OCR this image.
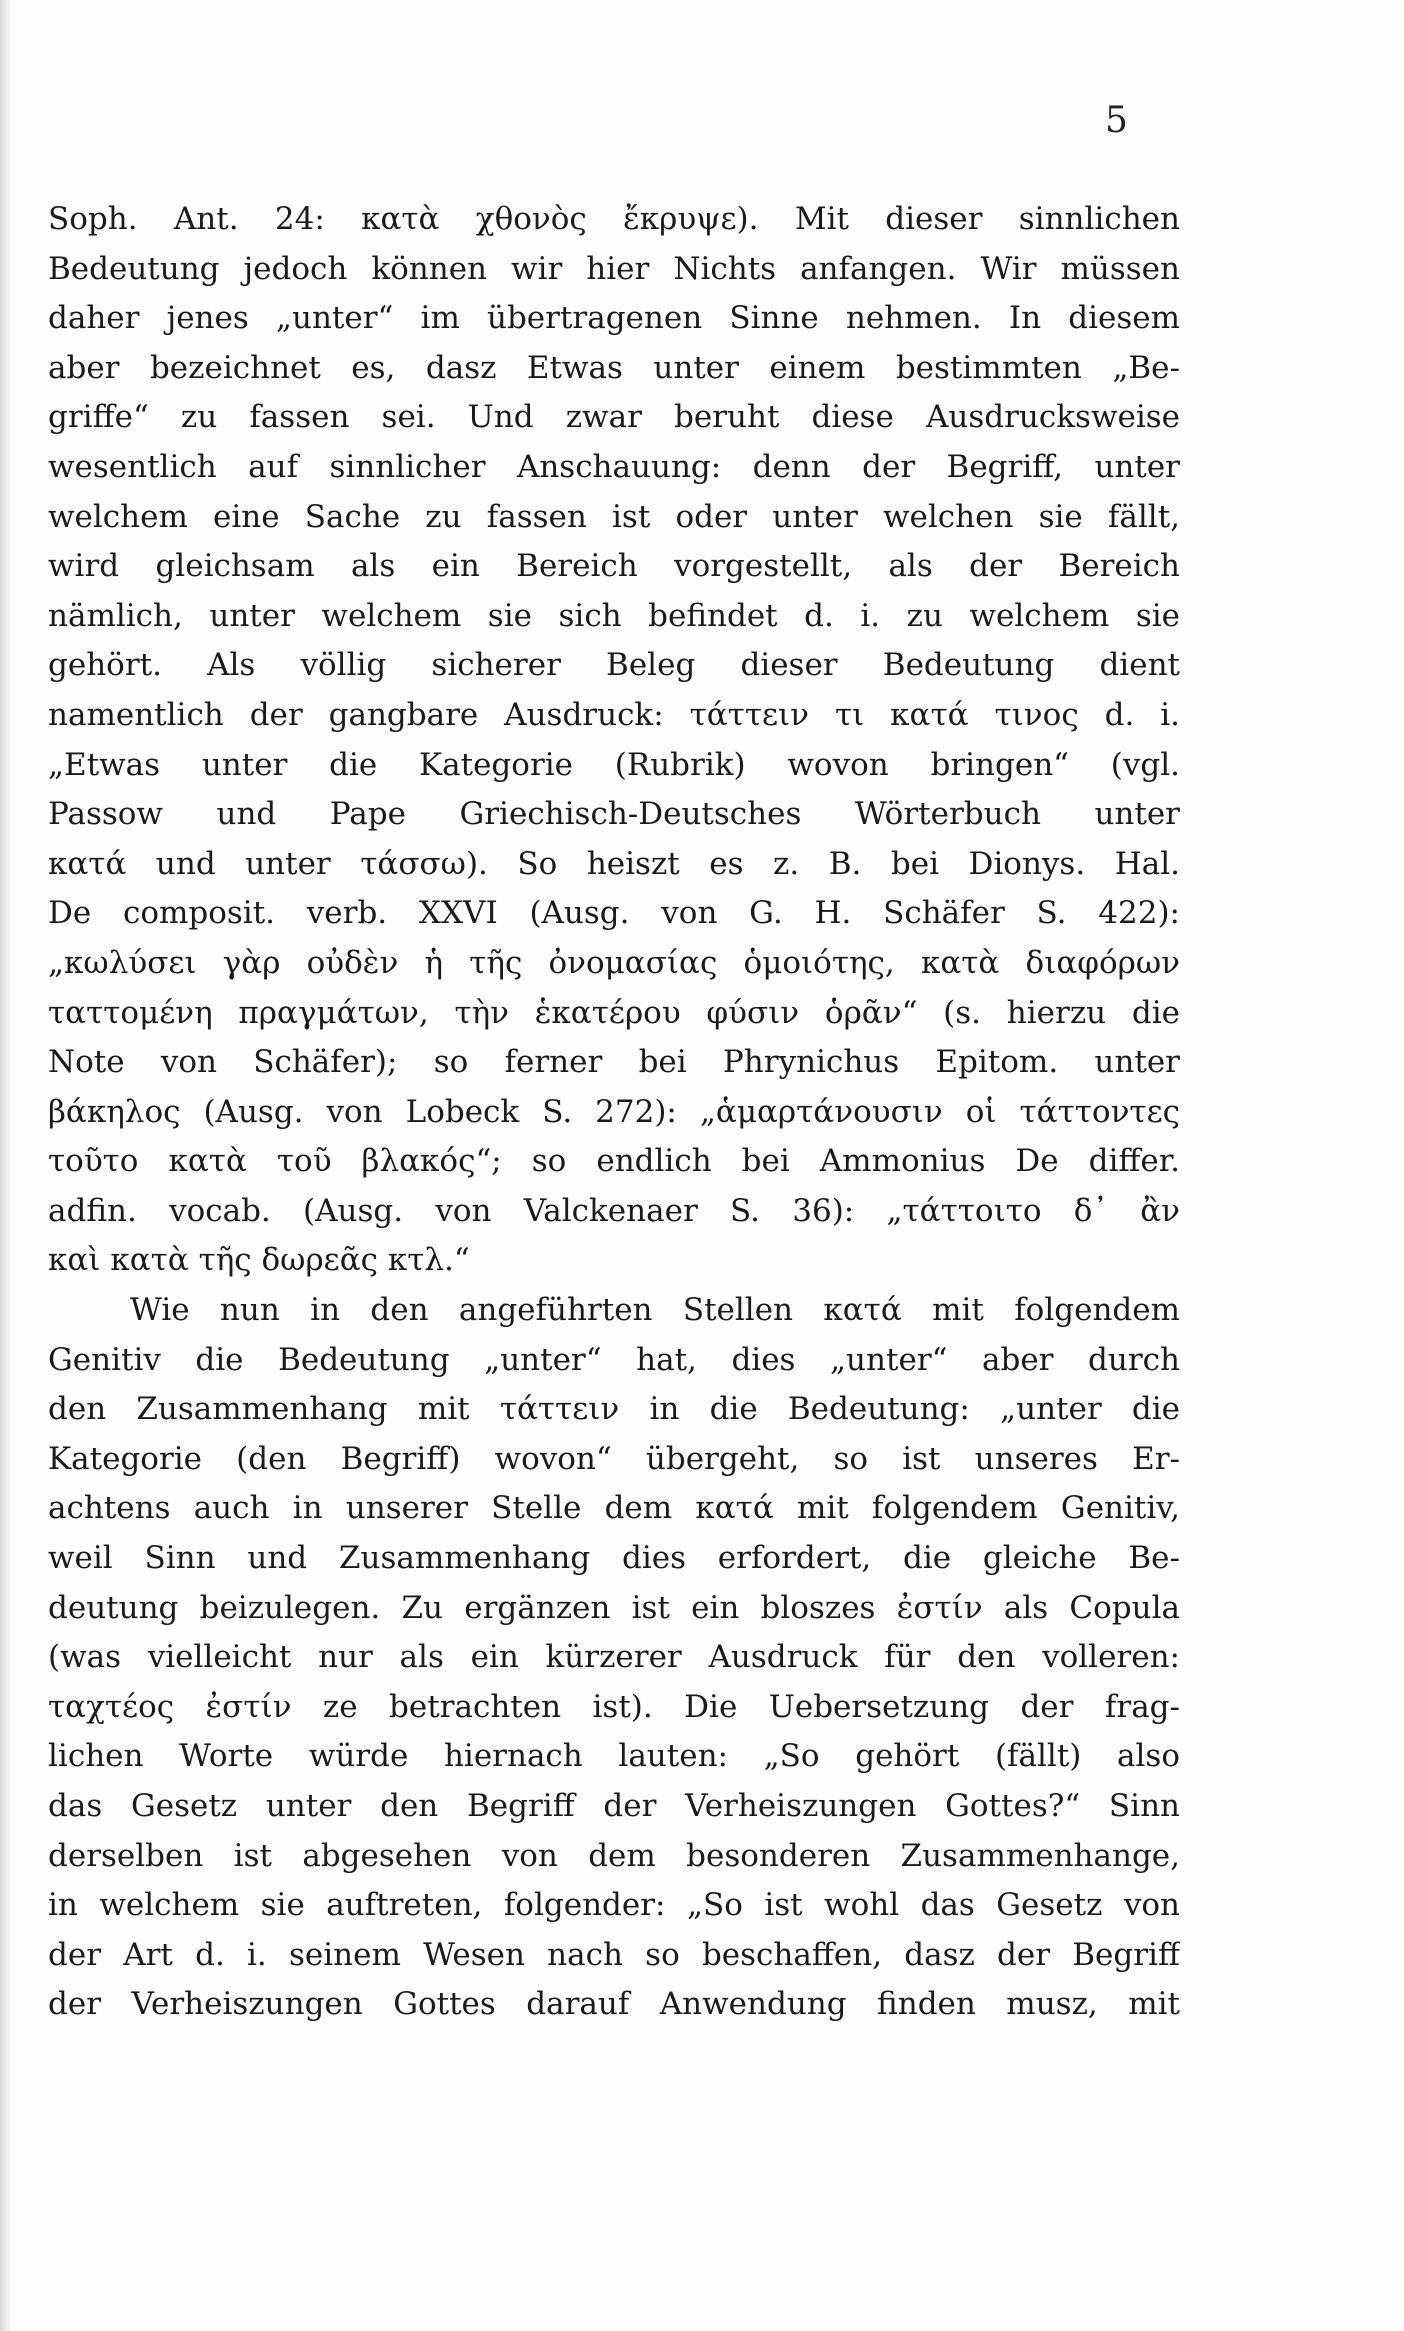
5
Soph. Ant. 24: κατὰ χθονὸς ἔκρυψε). Mit dieser sinnlichen
Bedeutung jedoch können wir hier Nichts anfangen. Wir müssen
daher jenes „unter“ im übertragenen Sinne nehmen. In diesem
aber bezeichnet es, dasz Etwas unter einem bestimmten „Be-
griffe“ zu fassen sei. Und zwar beruht diese Ausdrucksweise
wesentlich auf sinnlicher Anschauung: denn der Begriff, unter
welchem eine Sache zu fassen ist oder unter welchen sie fällt,
wird gleichsam als ein Bereich vorgestellt, als der Bereich
nämlich, unter welchem sie sich befindet d. i. zu welchem sie
gehört. Als völlig sicherer Beleg dieser Bedeutung dient
namentlich der gangbare Ausdruck: τάττειν τι κατά τινος d. i.
„Etwas unter die Kategorie (Rubrik) wovon bringen“ (vgl.
Passow und Pape Griechisch-Deutsches Wörterbuch unter
κατά und unter τάσσω). So heiszt es z. B. bei Dionys. Hal.
De composit. verb. XXVI (Ausg. von G. H. Schäfer S. 422):
„κωλύσει γὰρ οὐδὲν ἡ τῆς ὀνομασίας ὁμοιότης, κατὰ διαφόρων
ταττομένη πραγμάτων, τὴν ἑκατέρου φύσιν ὁρᾶν“ (s. hierzu die
Note von Schäfer); so ferner bei Phrynichus Epitom. unter
βάκηλος (Ausg. von Lobeck S. 272): „ἁμαρτάνουσιν οἱ τάττοντες
τοῦτο κατὰ τοῦ βλακός“; so endlich bei Ammonius De differ.
adfin. vocab. (Ausg. von Valckenaer S. 36): „τάττοιτο δ᾽ ἂν
καὶ κατὰ τῆς δωρεᾶς κτλ.“
Wie nun in den angeführten Stellen κατά mit folgendem
Genitiv die Bedeutung „unter“ hat, dies „unter“ aber durch
den Zusammenhang mit τάττειν in die Bedeutung: „unter die
Kategorie (den Begriff) wovon“ übergeht, so ist unseres Er-
achtens auch in unserer Stelle dem κατά mit folgendem Genitiv,
weil Sinn und Zusammenhang dies erfordert, die gleiche Be-
deutung beizulegen. Zu ergänzen ist ein bloszes ἐστίν als Copula
(was vielleicht nur als ein kürzerer Ausdruck für den volleren:
ταχτέος ἐστίν ze betrachten ist). Die Uebersetzung der frag-
lichen Worte würde hiernach lauten: „So gehört (fällt) also
das Gesetz unter den Begriff der Verheiszungen Gottes?“ Sinn
derselben ist abgesehen von dem besonderen Zusammenhange,
in welchem sie auftreten, folgender: „So ist wohl das Gesetz von
der Art d. i. seinem Wesen nach so beschaffen, dasz der Begriff
der Verheiszungen Gottes darauf Anwendung finden musz, mit
